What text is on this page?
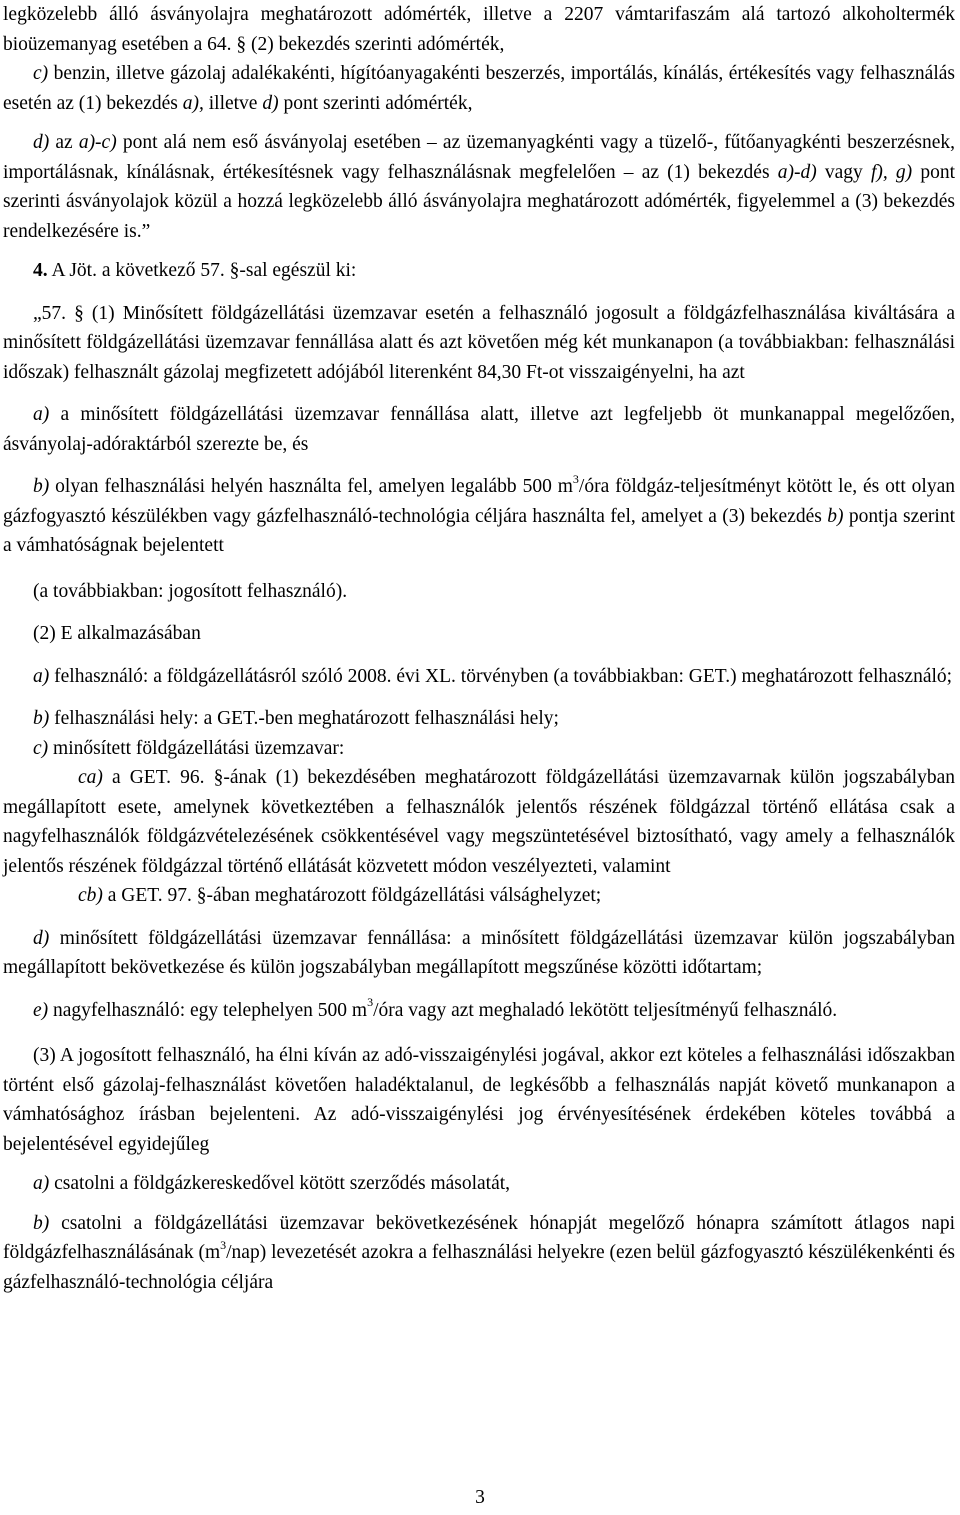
legközelebb álló ásványolajra meghatározott adómérték, illetve a 2207 vámtarifaszám alá tartozó alkoholtermék bioüzemanyag esetében a 64. § (2) bekezdés szerinti adómérték,

c) benzin, illetve gázolaj adalékakénti, hígítóanyagakénti beszerzés, importálás, kínálás, értékesítés vagy felhasználás esetén az (1) bekezdés a), illetve d) pont szerinti adómérték,

d) az a)-c) pont alá nem eső ásványolaj esetében – az üzemanyagkénti vagy a tüzelő-, fűtőanyagkénti beszerzésnek, importálásnak, kínálásnak, értékesítésnek vagy felhasználásnak megfelelően – az (1) bekezdés a)-d) vagy f), g) pont szerinti ásványolajok közül a hozzá legközelebb álló ásványolajra meghatározott adómérték, figyelemmel a (3) bekezdés rendelkezésére is.”

4. A Jöt. a következő 57. §-sal egészül ki:

„57. § (1) Minősített földgázellátási üzemzavar esetén a felhasználó jogosult a földgázfelhasználása kiváltására a minősített földgázellátási üzemzavar fennállása alatt és azt követően még két munkanapon (a továbbiakban: felhasználási időszak) felhasznált gázolaj megfizetett adójából literenként 84,30 Ft-ot visszaigényelni, ha azt

a) a minősített földgázellátási üzemzavar fennállása alatt, illetve azt legfeljebb öt munkanappal megelőzően, ásványolaj-adóraktárból szerezte be, és

b) olyan felhasználási helyén használta fel, amelyen legalább 500 $m^3$/óra földgáz-teljesítményt kötött le, és ott olyan gázfogyasztó készülékben vagy gázfelhasználó-technológia céljára használta fel, amelyet a (3) bekezdés b) pontja szerint a vámhatóságnak bejelentett

(a továbbiakban: jogosított felhasználó).

(2) E alkalmazásában

a) felhasználó: a földgázellátásról szóló 2008. évi XL. törvényben (a továbbiakban: GET.) meghatározott felhasználó;

b) felhasználási hely: a GET.-ben meghatározott felhasználási hely;

c) minősített földgázellátási üzemzavar:

ca) a GET. 96. §-ának (1) bekezdésében meghatározott földgázellátási üzemzavarnak külön jogszabályban megállapított esete, amelynek következtében a felhasználók jelentős részének földgázzal történő ellátása csak a nagyfelhasználók földgázvételezésének csökkentésével vagy megszüntetésével biztosítható, vagy amely a felhasználók jelentős részének földgázzal történő ellátását közvetett módon veszélyezteti, valamint

cb) a GET. 97. §-ában meghatározott földgázellátási válsághelyzet;

d) minősített földgázellátási üzemzavar fennállása: a minősített földgázellátási üzemzavar külön jogszabályban megállapított bekövetkezése és külön jogszabályban megállapított megszűnése közötti időtartam;

e) nagyfelhasználó: egy telephelyen 500 $m^3$/óra vagy azt meghaladó lekötött teljesítményű felhasználó.

(3) A jogosított felhasználó, ha élni kíván az adó-visszaigénylési jogával, akkor ezt köteles a felhasználási időszakban történt első gázolaj-felhasználást követően haladéktalanul, de legkésőbb a felhasználás napját követő munkanapon a vámhatósághoz írásban bejelenteni. Az adó-visszaigénylési jog érvényesítésének érdekében köteles továbbá a bejelentésével egyidejűleg

a) csatolni a földgázkereskedővel kötött szerződés másolatát,

b) csatolni a földgázellátási üzemzavar bekövetkezésének hónapját megelőző hónapra számított átlagos napi földgázfelhasználásának $(m^3/nap)$ levezetését azokra a felhasználási helyekre (ezen belül gázfogyasztó készülékenkénti és gázfelhasználó-technológia céljára

3
